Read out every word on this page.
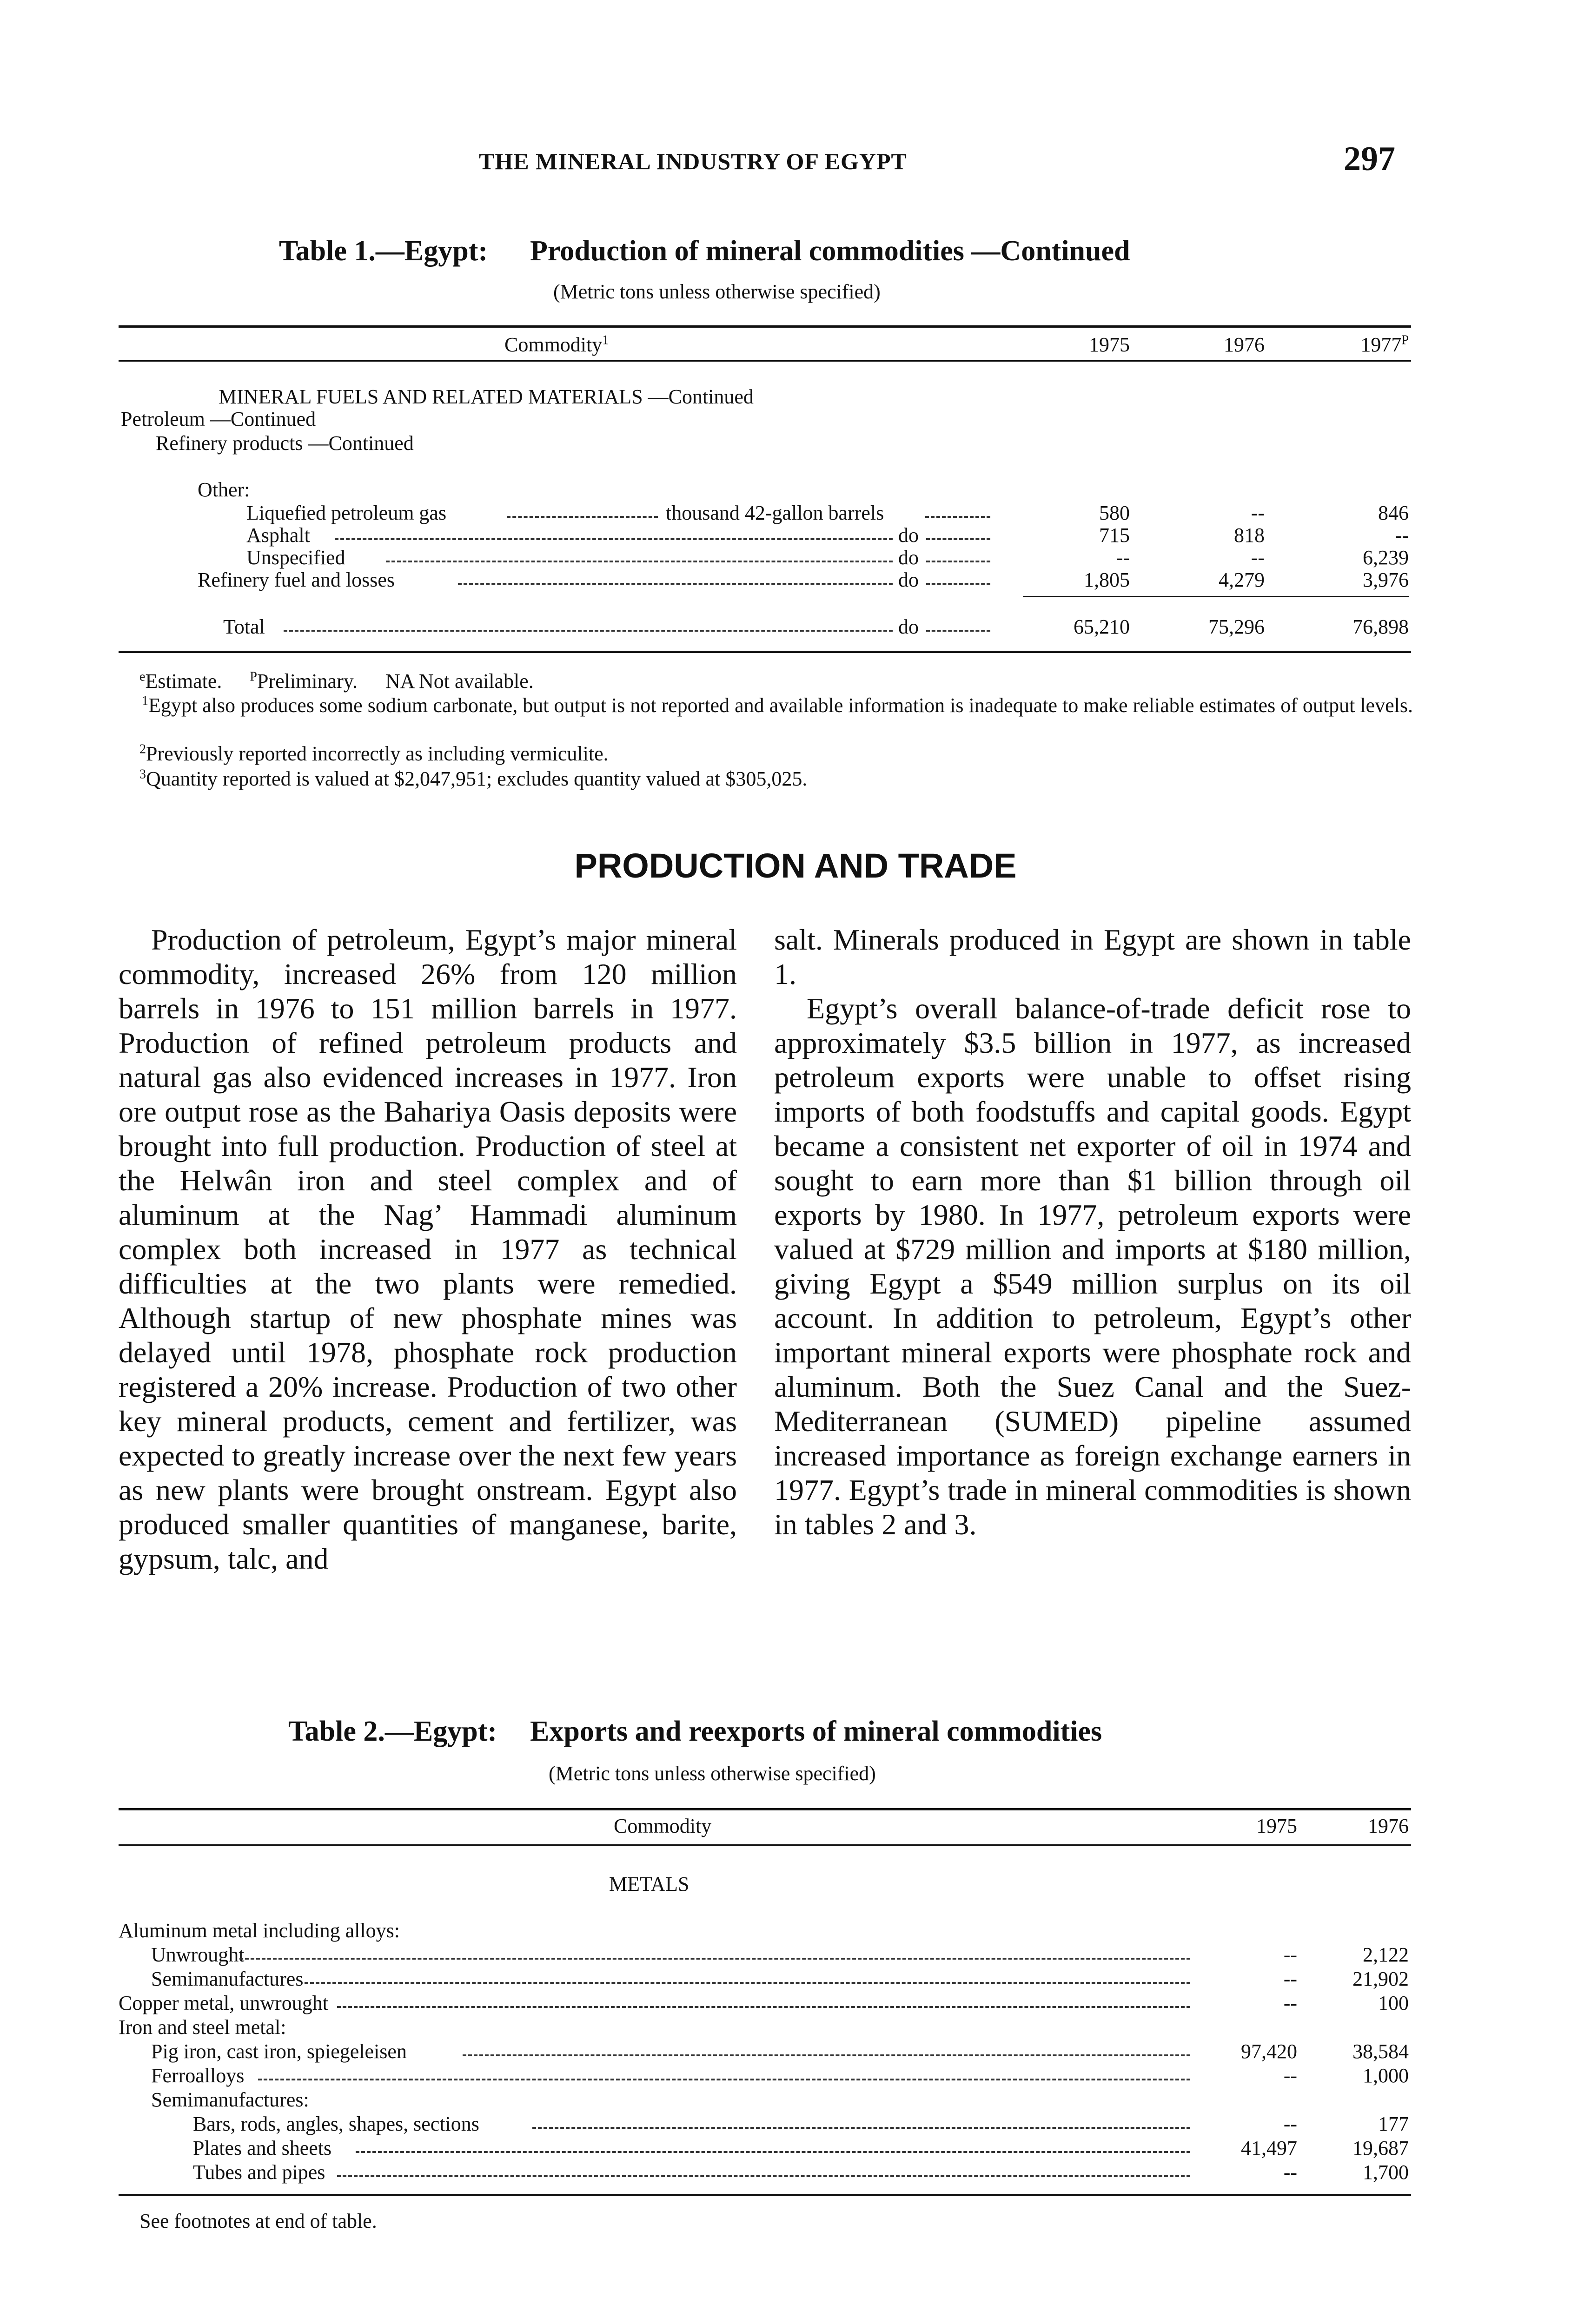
THE MINERAL INDUSTRY OF EGYPT	297
Table 1.—Egypt: Production of mineral commodities —Continued
(Metric tons unless otherwise specified)
Commodity$^1$	1975	1976	$1977^P$
MINERAL FUELS AND RELATED MATERIALS —Continued
Petroleum —Continued
Refinery products —Continued
Other:
Liquefied petroleum gas	thousand 42-gallon barrels	580	--	846
Asphalt	do	715	818	--
Unspecified	do	--	--	6,239
Refinery fuel and losses	do	1,805	4,279	3,976
Total	do	65,210	75,296	76,898
$^e$Estimate. $^P$Preliminary. NA Not available.
$^1$Egypt also produces some sodium carbonate, but output is not reported and available information is inadequate to make reliable estimates of output levels.
$^2$Previously reported incorrectly as including vermiculite.
$^3$Quantity reported is valued at $2,047,951; excludes quantity valued at $305,025.
PRODUCTION AND TRADE

Production of petroleum, Egypt’s major mineral commodity, increased 26% from 120 million barrels in 1976 to 151 million barrels in 1977. Production of refined petroleum products and natural gas also evidenced increases in 1977. Iron ore output rose as the Bahariya Oasis deposits were brought into full production. Production of steel at the Helwân iron and steel complex and of aluminum at the Nag’ Hammadi aluminum complex both increased in 1977 as technical difficulties at the two plants were remedied. Although startup of new phosphate mines was delayed until 1978, phosphate rock production registered a 20% increase. Production of two other key mineral products, cement and fertilizer, was expected to greatly increase over the next few years as new plants were brought onstream. Egypt also produced smaller quantities of manganese, barite, gypsum, talc, and

salt. Minerals produced in Egypt are shown in table 1.

Egypt’s overall balance-of-trade deficit rose to approximately $3.5 billion in 1977, as increased petroleum exports were unable to offset rising imports of both foodstuffs and capital goods. Egypt became a consistent net exporter of oil in 1974 and sought to earn more than $1 billion through oil exports by 1980. In 1977, petroleum exports were valued at $729 million and imports at $180 million, giving Egypt a $549 million surplus on its oil account. In addition to petroleum, Egypt’s other important mineral exports were phosphate rock and aluminum. Both the Suez Canal and the Suez-Mediterranean (SUMED) pipeline assumed increased importance as foreign exchange earners in 1977. Egypt’s trade in mineral commodities is shown in tables 2 and 3.

Table 2.—Egypt: Exports and reexports of mineral commodities
(Metric tons unless otherwise specified)
Commodity	1975	1976
METALS
Aluminum metal including alloys:
Unwrought	--	2,122
Semimanufactures	--	21,902
Copper metal, unwrought	--	100
Iron and steel metal:
Pig iron, cast iron, spiegeleisen	97,420	38,584
Ferroalloys	--	1,000
Semimanufactures:
Bars, rods, angles, shapes, sections	--	177
Plates and sheets	41,497	19,687
Tubes and pipes	--	1,700
See footnotes at end of table.
